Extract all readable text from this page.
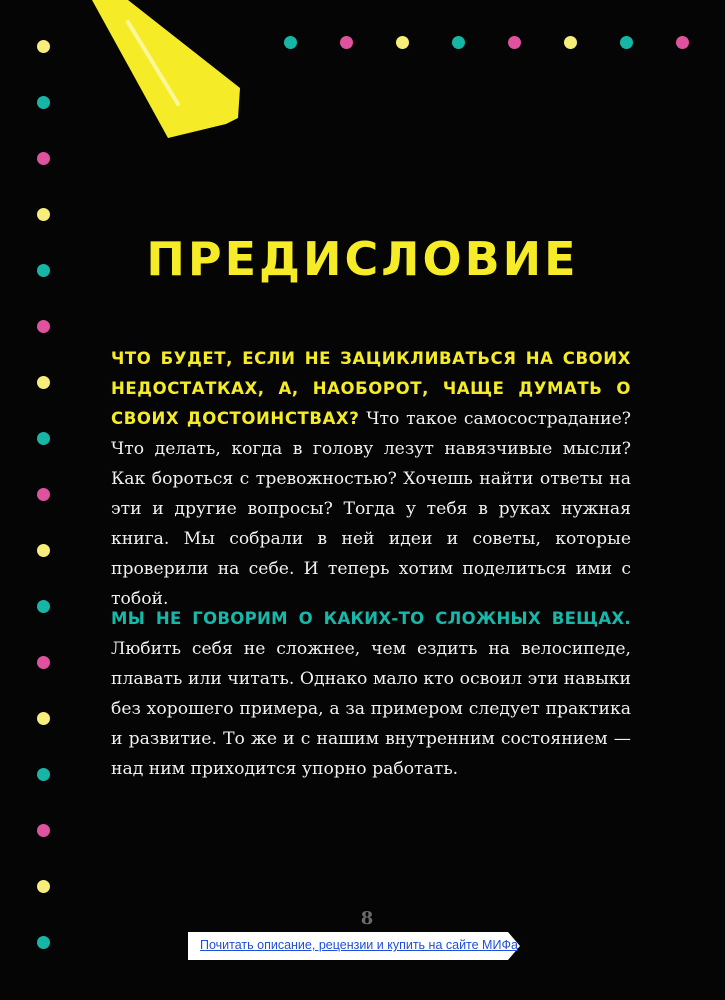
ПРЕДИСЛОВИЕ

ЧТО БУДЕТ, ЕСЛИ НЕ ЗАЦИКЛИВАТЬСЯ НА СВОИХ НЕДОСТАТКАХ, А, НАОБОРОТ, ЧАЩЕ ДУМАТЬ О СВОИХ ДОСТОИНСТВАХ? Что такое самосострадание? Что делать, когда в голову лезут навязчивые мысли? Как бороться с тревожностью? Хочешь найти ответы на эти и другие вопросы? Тогда у тебя в руках нужная книга. Мы собрали в ней идеи и советы, которые проверили на себе. И теперь хотим поделиться ими с тобой.

МЫ НЕ ГОВОРИМ О КАКИХ-ТО СЛОЖНЫХ ВЕЩАХ. Любить себя не сложнее, чем ездить на велосипеде, плавать или читать. Однако мало кто освоил эти навыки без хорошего примера, а за примером следует практика и развитие. То же и с нашим внутренним состоянием — над ним приходится упорно работать.

8
Почитать описание, рецензии и купить на сайте МИФа
